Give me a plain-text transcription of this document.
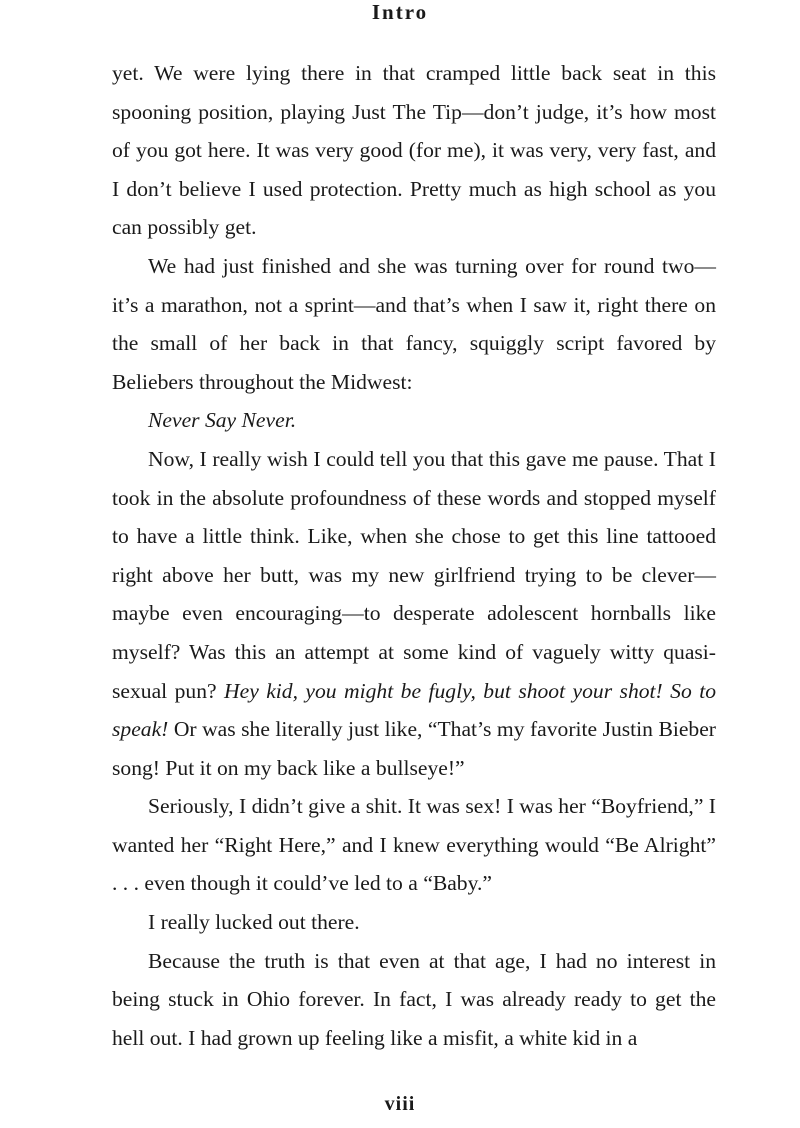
Intro

yet. We were lying there in that cramped little back seat in this spooning position, playing Just The Tip—don’t judge, it’s how most of you got here. It was very good (for me), it was very, very fast, and I don’t believe I used protection. Pretty much as high school as you can possibly get.

We had just finished and she was turning over for round two—it’s a marathon, not a sprint—and that’s when I saw it, right there on the small of her back in that fancy, squiggly script favored by Beliebers throughout the Midwest:

Never Say Never.

Now, I really wish I could tell you that this gave me pause. That I took in the absolute profoundness of these words and stopped myself to have a little think. Like, when she chose to get this line tattooed right above her butt, was my new girlfriend trying to be clever—maybe even encouraging—to desperate adolescent hornballs like myself? Was this an attempt at some kind of vaguely witty quasi-sexual pun? Hey kid, you might be fugly, but shoot your shot! So to speak! Or was she literally just like, “That’s my favorite Justin Bieber song! Put it on my back like a bullseye!”

Seriously, I didn’t give a shit. It was sex! I was her “Boyfriend,” I wanted her “Right Here,” and I knew everything would “Be Alright” . . . even though it could’ve led to a “Baby.”

I really lucked out there.

Because the truth is that even at that age, I had no interest in being stuck in Ohio forever. In fact, I was already ready to get the hell out. I had grown up feeling like a misfit, a white kid in a

viii
